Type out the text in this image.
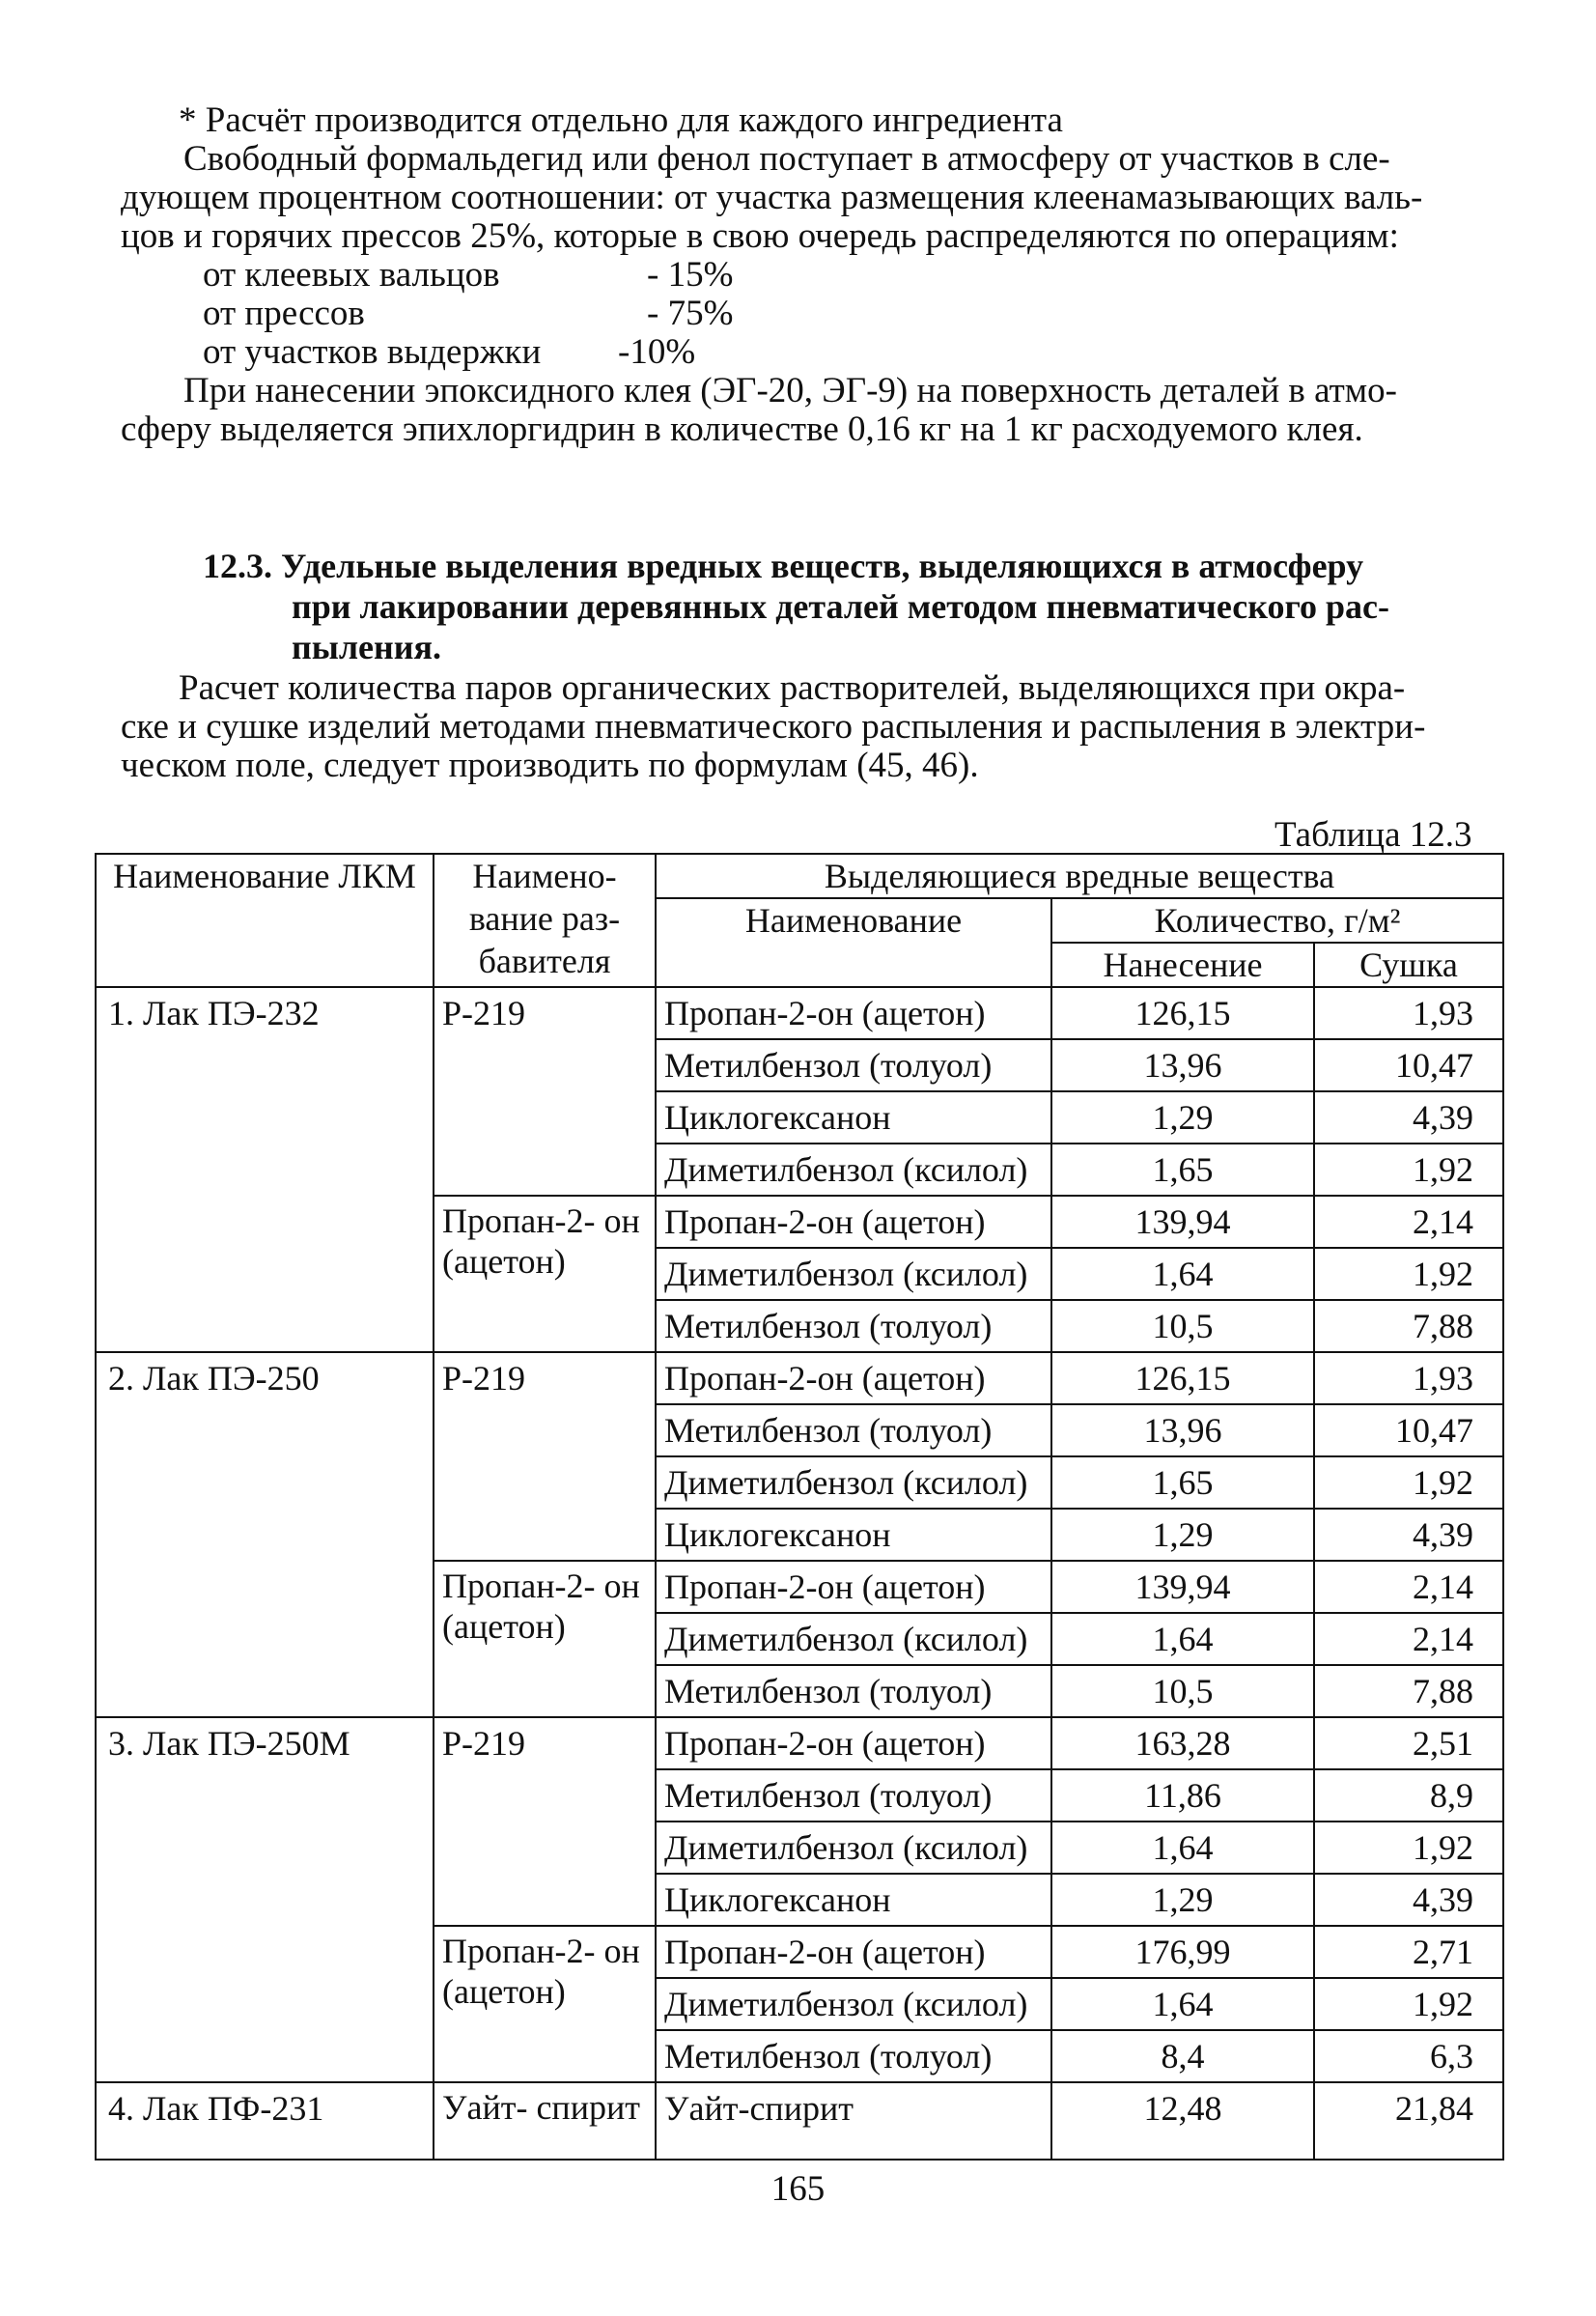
* Расчёт производится отдельно для каждого ингредиента
Свободный формальдегид или фенол поступает в атмосферу от участков в сле-
дующем процентном соотношении: от участка размещения клеенамазывающих валь-
цов и горячих прессов 25%, которые в свою очередь распределяются по операциям:
от клеевых вальцов	- 15%
от прессов	- 75%
от участков выдержки	-10%
При нанесении эпоксидного клея (ЭГ-20, ЭГ-9) на поверхность деталей в атмо-
сферу выделяется эпихлоргидрин в количестве 0,16 кг на 1 кг расходуемого клея.
12.3. Удельные выделения вредных веществ, выделяющихся в атмосферу
при лакировании деревянных деталей методом пневматического рас-
пыления.
Расчет количества паров органических растворителей, выделяющихся при окра-
ске и сушке изделий методами пневматического распыления и распыления в электри-
ческом поле, следует производить по формулам (45, 46).
Таблица 12.3
Наименование ЛКМ	Наимено- вание раз- бавителя	Выделяющиеся вредные вещества		
		Наименование	Количество, г/м²	
			Нанесение	Сушка
1. Лак ПЭ-232	Р-219	Пропан-2-он (ацетон)	126,15	1,93
		Метилбензол (толуол)	13,96	10,47
		Циклогексанон	1,29	4,39
		Диметилбензол (ксилол)	1,65	1,92
	Пропан-2- он (ацетон)	Пропан-2-он (ацетон)	139,94	2,14
		Диметилбензол (ксилол)	1,64	1,92
		Метилбензол (толуол)	10,5	7,88
2. Лак ПЭ-250	Р-219	Пропан-2-он (ацетон)	126,15	1,93
		Метилбензол (толуол)	13,96	10,47
		Диметилбензол (ксилол)	1,65	1,92
		Циклогексанон	1,29	4,39
	Пропан-2- он (ацетон)	Пропан-2-он (ацетон)	139,94	2,14
		Диметилбензол (ксилол)	1,64	2,14
		Метилбензол (толуол)	10,5	7,88
3. Лак ПЭ-250М	Р-219	Пропан-2-он (ацетон)	163,28	2,51
		Метилбензол (толуол)	11,86	8,9
		Диметилбензол (ксилол)	1,64	1,92
		Циклогексанон	1,29	4,39
	Пропан-2- он (ацетон)	Пропан-2-он (ацетон)	176,99	2,71
		Диметилбензол (ксилол)	1,64	1,92
		Метилбензол (толуол)	8,4	6,3
4. Лак ПФ-231	Уайт- спирит	Уайт-спирит	12,48	21,84
165
